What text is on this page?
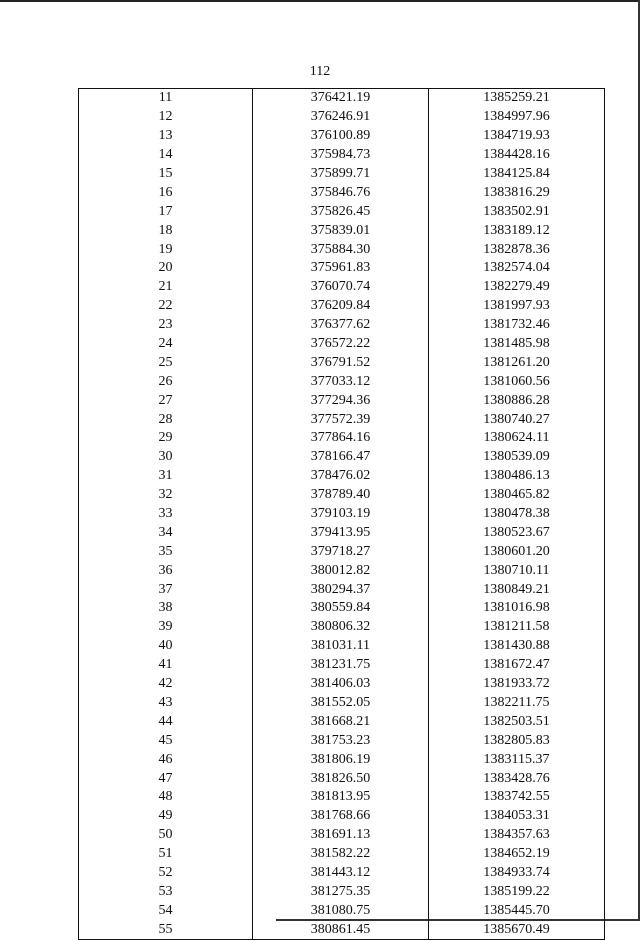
112
11	376421.19	1385259.21
12	376246.91	1384997.96
13	376100.89	1384719.93
14	375984.73	1384428.16
15	375899.71	1384125.84
16	375846.76	1383816.29
17	375826.45	1383502.91
18	375839.01	1383189.12
19	375884.30	1382878.36
20	375961.83	1382574.04
21	376070.74	1382279.49
22	376209.84	1381997.93
23	376377.62	1381732.46
24	376572.22	1381485.98
25	376791.52	1381261.20
26	377033.12	1381060.56
27	377294.36	1380886.28
28	377572.39	1380740.27
29	377864.16	1380624.11
30	378166.47	1380539.09
31	378476.02	1380486.13
32	378789.40	1380465.82
33	379103.19	1380478.38
34	379413.95	1380523.67
35	379718.27	1380601.20
36	380012.82	1380710.11
37	380294.37	1380849.21
38	380559.84	1381016.98
39	380806.32	1381211.58
40	381031.11	1381430.88
41	381231.75	1381672.47
42	381406.03	1381933.72
43	381552.05	1382211.75
44	381668.21	1382503.51
45	381753.23	1382805.83
46	381806.19	1383115.37
47	381826.50	1383428.76
48	381813.95	1383742.55
49	381768.66	1384053.31
50	381691.13	1384357.63
51	381582.22	1384652.19
52	381443.12	1384933.74
53	381275.35	1385199.22
54	381080.75	1385445.70
55	380861.45	1385670.49
